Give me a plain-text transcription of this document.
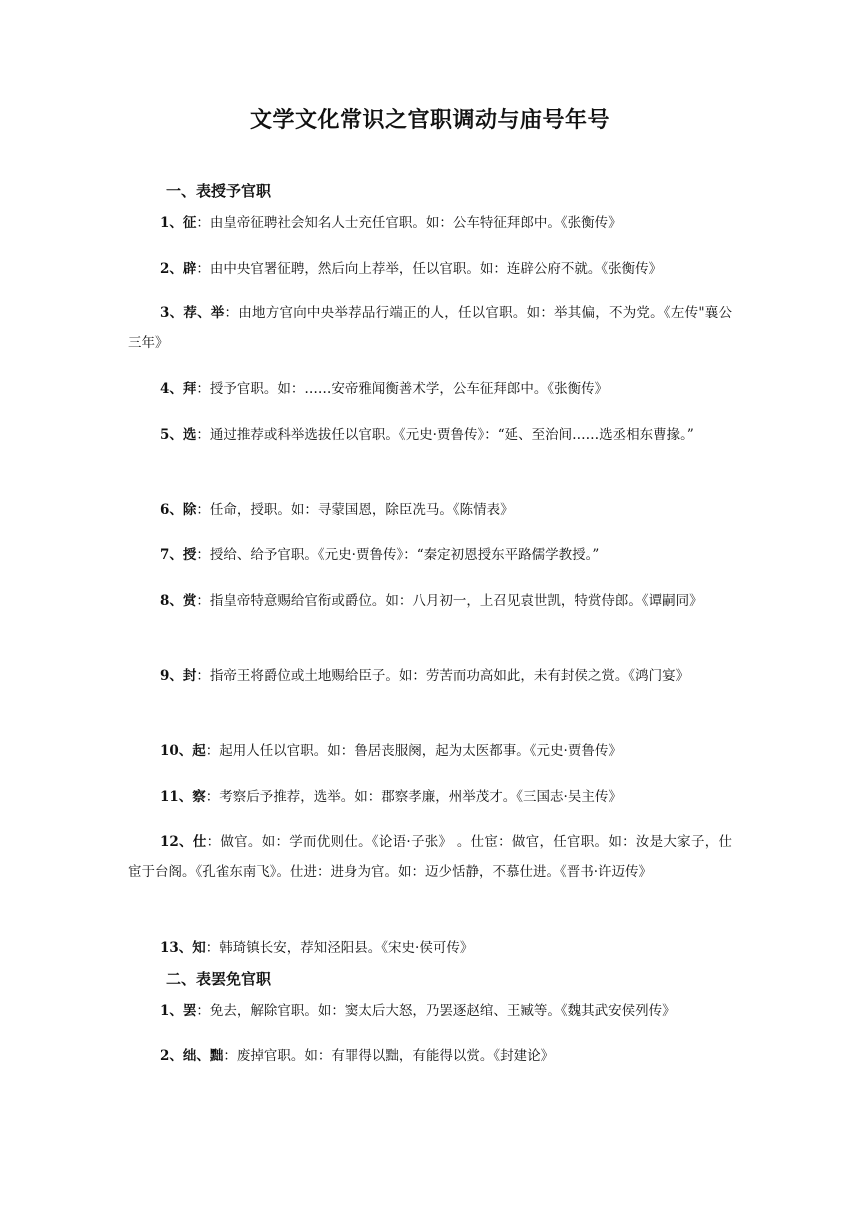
文学文化常识之官职调动与庙号年号
一、表授予官职
1、征：由皇帝征聘社会知名人士充任官职。如：公车特征拜郎中。《张衡传》
2、辟：由中央官署征聘，然后向上荐举，任以官职。如：连辟公府不就。《张衡传》
3、荐、举：由地方官向中央举荐品行端正的人，任以官职。如：举其偏，不为党。《左传"襄公三年》
4、拜：授予官职。如：……安帝雅闻衡善术学，公车征拜郎中。《张衡传》
5、选：通过推荐或科举选拔任以官职。《元史·贾鲁传》：“延、至治间……选丞相东曹掾。”
6、除：任命，授职。如：寻蒙国恩，除臣冼马。《陈情表》
7、授：授给、给予官职。《元史·贾鲁传》：“秦定初恩授东平路儒学教授。”
8、赏：指皇帝特意赐给官衔或爵位。如：八月初一，上召见袁世凯，特赏侍郎。《谭嗣同》
9、封：指帝王将爵位或土地赐给臣子。如：劳苦而功高如此，未有封侯之赏。《鸿门宴》
10、起：起用人任以官职。如：鲁居丧服阕，起为太医都事。《元史·贾鲁传》
11、察：考察后予推荐，选举。如：郡察孝廉，州举茂才。《三国志·吴主传》
12、仕：做官。如：学而优则仕。《论语·子张》 。仕宦：做官，任官职。如：汝是大家子，仕宦于台阁。《孔雀东南飞》。仕进：进身为官。如：迈少恬静，不慕仕进。《晋书·许迈传》
13、知：韩琦镇长安，荐知泾阳县。《宋史·侯可传》
二、表罢免官职
1、罢：免去，解除官职。如：窦太后大怒，乃罢逐赵绾、王臧等。《魏其武安侯列传》
2、绌、黜：废掉官职。如：有罪得以黜，有能得以赏。《封建论》
